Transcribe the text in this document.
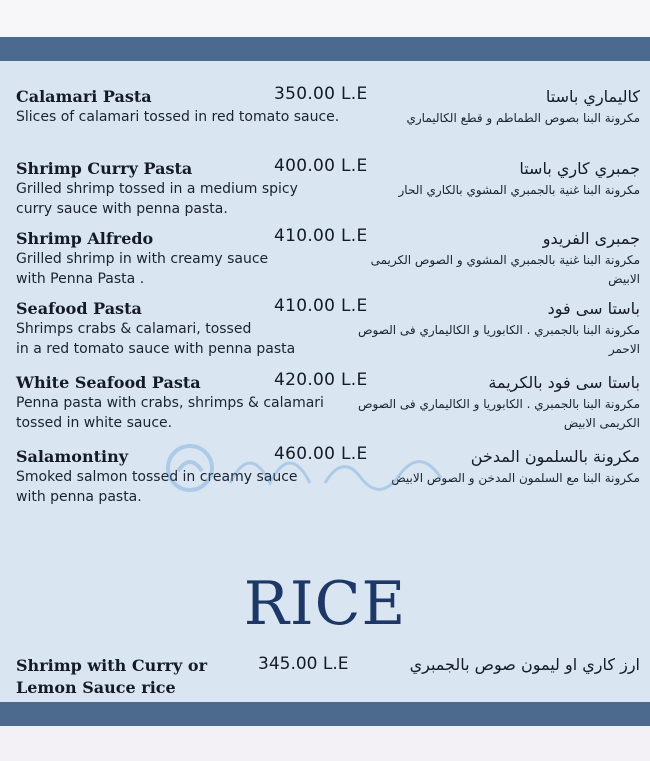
Calamari Pasta	350.00 L.E
Slices of calamari tossed in red tomato sauce.
كاليماري باستا
مكرونة البنا بصوص الطماطم و قطع الكاليماري
Shrimp Curry Pasta	400.00 L.E
Grilled shrimp tossed in a medium spicy
curry sauce with penna pasta.
جمبري كاري باستا
مكرونة البنا غنية بالجمبري المشوي بالكاري الحار
Shrimp Alfredo	410.00 L.E
Grilled shrimp in with creamy sauce
with Penna Pasta .
جمبرى الفريدو
مكرونة البنا غنية بالجمبري المشوي و الصوص الكريمى الابيض
Seafood Pasta	410.00 L.E
Shrimps crabs & calamari, tossed
in a red tomato sauce with penna pasta
باستا سى فود
مكرونة البنا بالجمبري . الكابوريا و الكاليماري فى الصوص الاحمر
White Seafood Pasta	420.00 L.E
Penna pasta with crabs, shrimps & calamari
tossed in white sauce.
باستا سى فود بالكريمة
مكرونة البنا بالجمبري . الكابوريا و الكاليماري فى الصوص الكريمى الابيض
Salamontiny	460.00 L.E
Smoked salmon tossed in creamy sauce
with penna pasta.
مكرونة بالسلمون المدخن
مكرونة البنا مع السلمون المدخن و الصوص الابيض
RICE
Shrimp with Curry or Lemon Sauce rice
345.00 L.E	ارز كاري او ليمون صوص بالجمبري
